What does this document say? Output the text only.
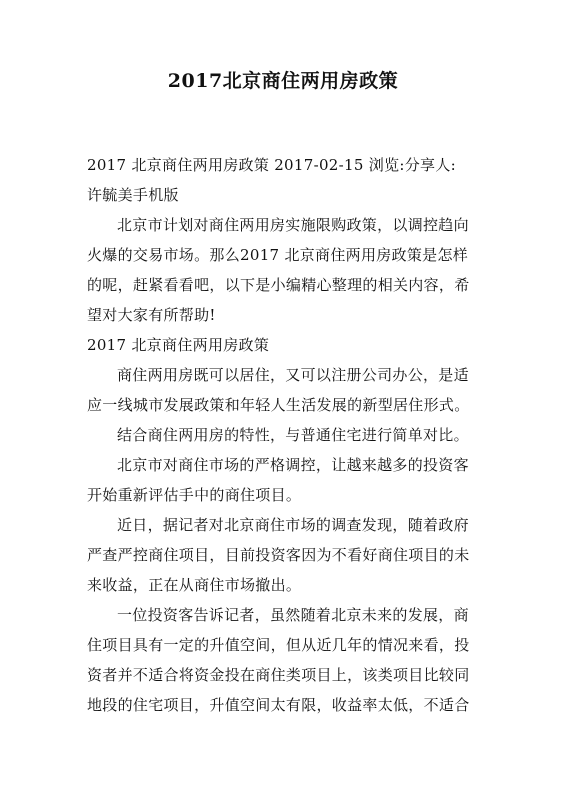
2017北京商住两用房政策

2017 北京商住两用房政策 2017-02-15 浏览:分享人: 许毓美手机版

北京市计划对商住两用房实施限购政策，以调控趋向火爆的交易市场。那么2017 北京商住两用房政策是怎样的呢，赶紧看看吧，以下是小编精心整理的相关内容，希望对大家有所帮助!

2017 北京商住两用房政策

商住两用房既可以居住，又可以注册公司办公，是适应一线城市发展政策和年轻人生活发展的新型居住形式。

结合商住两用房的特性，与普通住宅进行简单对比。

北京市对商住市场的严格调控，让越来越多的投资客开始重新评估手中的商住项目。

近日，据记者对北京商住市场的调查发现，随着政府严查严控商住项目，目前投资客因为不看好商住项目的未来收益，正在从商住市场撤出。

一位投资客告诉记者，虽然随着北京未来的发展，商住项目具有一定的升值空间，但从近几年的情况来看，投资者并不适合将资金投在商住类项目上，该类项目比较同地段的住宅项目，升值空间太有限，收益率太低，不适合
